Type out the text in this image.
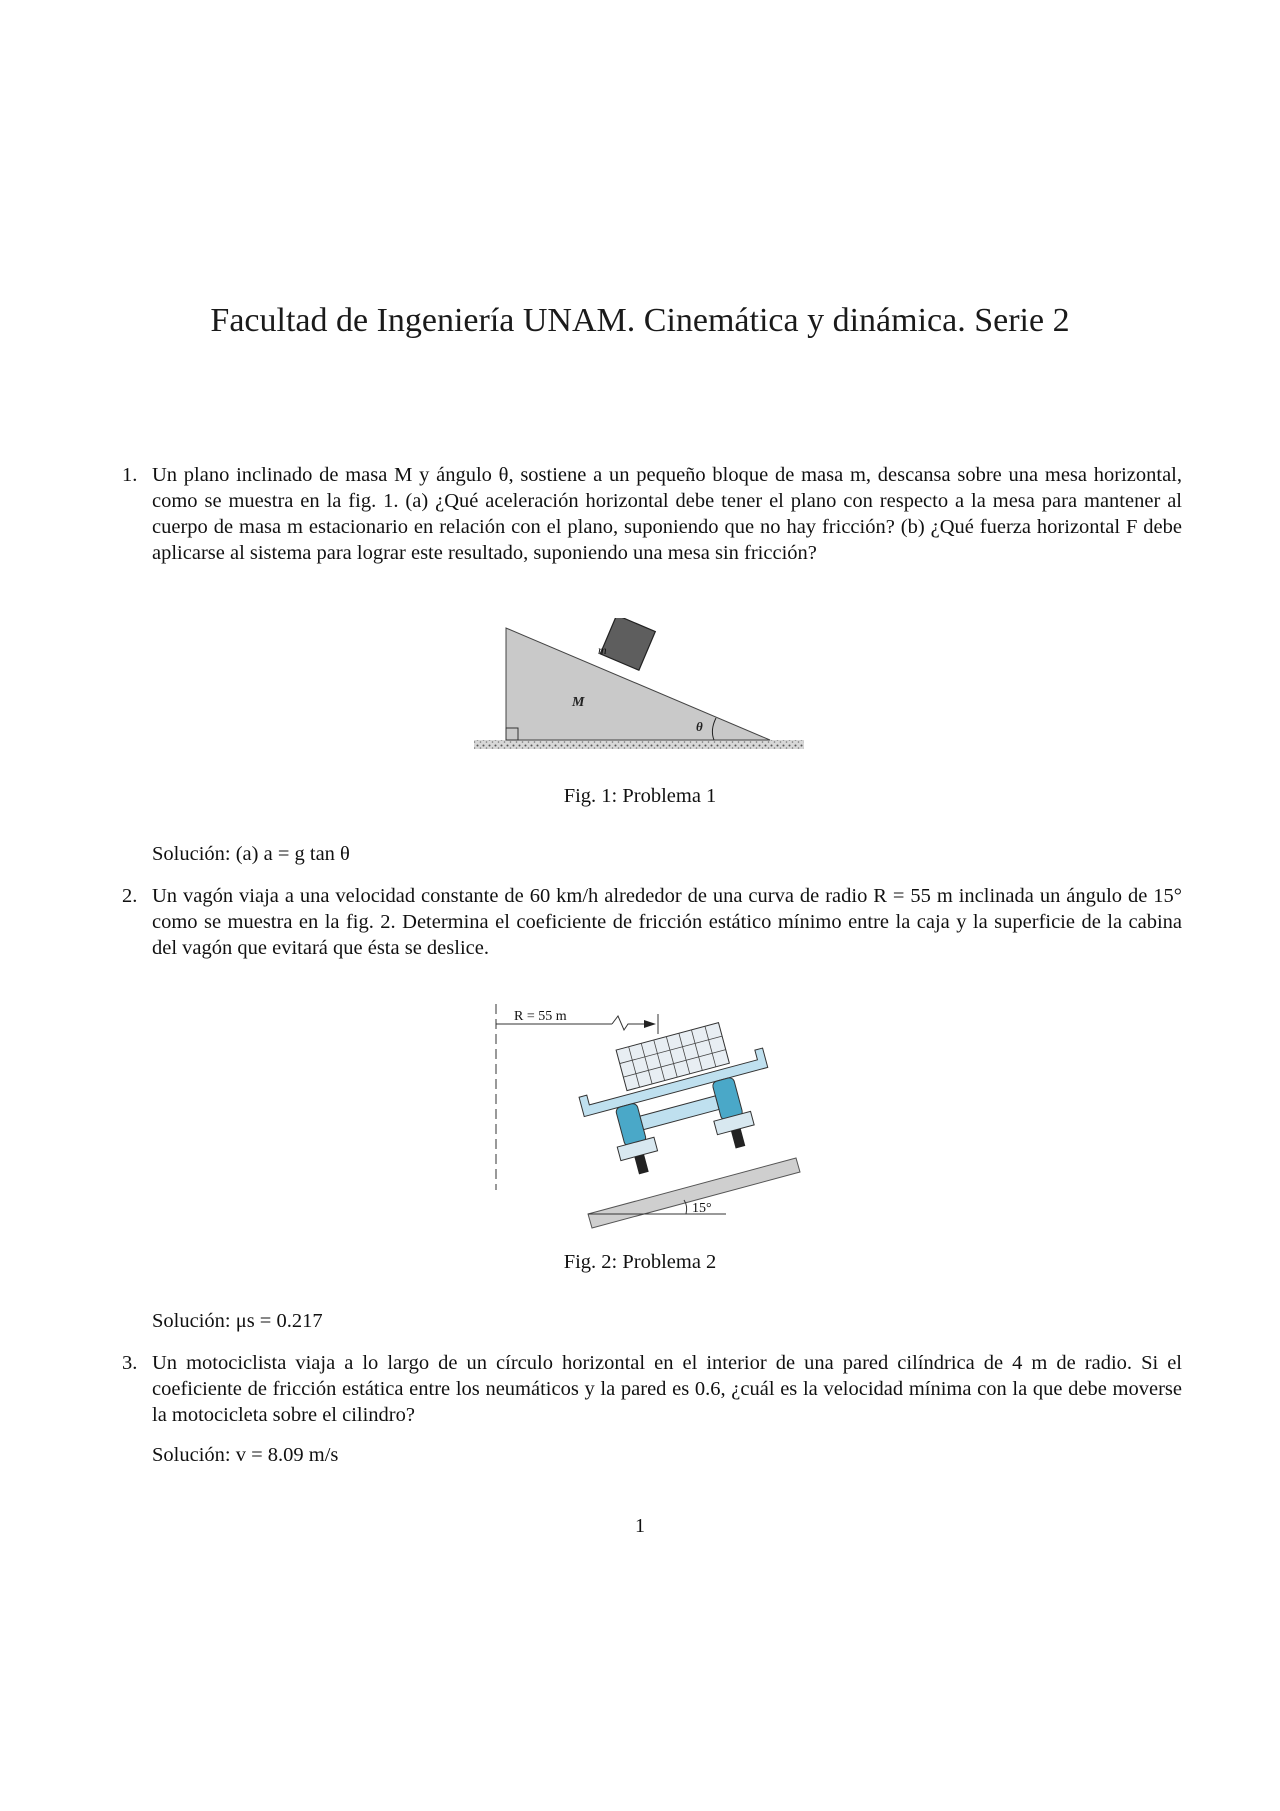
Facultad de Ingeniería UNAM. Cinemática y dinámica. Serie 2
1. Un plano inclinado de masa M y ángulo θ, sostiene a un pequeño bloque de masa m, descansa sobre una mesa horizontal, como se muestra en la fig. 1. (a) ¿Qué aceleración horizontal debe tener el plano con respecto a la mesa para mantener al cuerpo de masa m estacionario en relación con el plano, suponiendo que no hay fricción? (b) ¿Qué fuerza horizontal F debe aplicarse al sistema para lograr este resultado, suponiendo una mesa sin fricción?
m
M
θ
Fig. 1: Problema 1
Solución: (a) a = g tan θ
2. Un vagón viaja a una velocidad constante de 60 km/h alrededor de una curva de radio R = 55 m inclinada un ángulo de 15° como se muestra en la fig. 2. Determina el coeficiente de fricción estático mínimo entre la caja y la superficie de la cabina del vagón que evitará que ésta se deslice.
R = 55 m
15°
Fig. 2: Problema 2
Solución: μs = 0.217
3. Un motociclista viaja a lo largo de un círculo horizontal en el interior de una pared cilíndrica de 4 m de radio. Si el coeficiente de fricción estática entre los neumáticos y la pared es 0.6, ¿cuál es la velocidad mínima con la que debe moverse la motocicleta sobre el cilindro?
Solución: v = 8.09 m/s
1
